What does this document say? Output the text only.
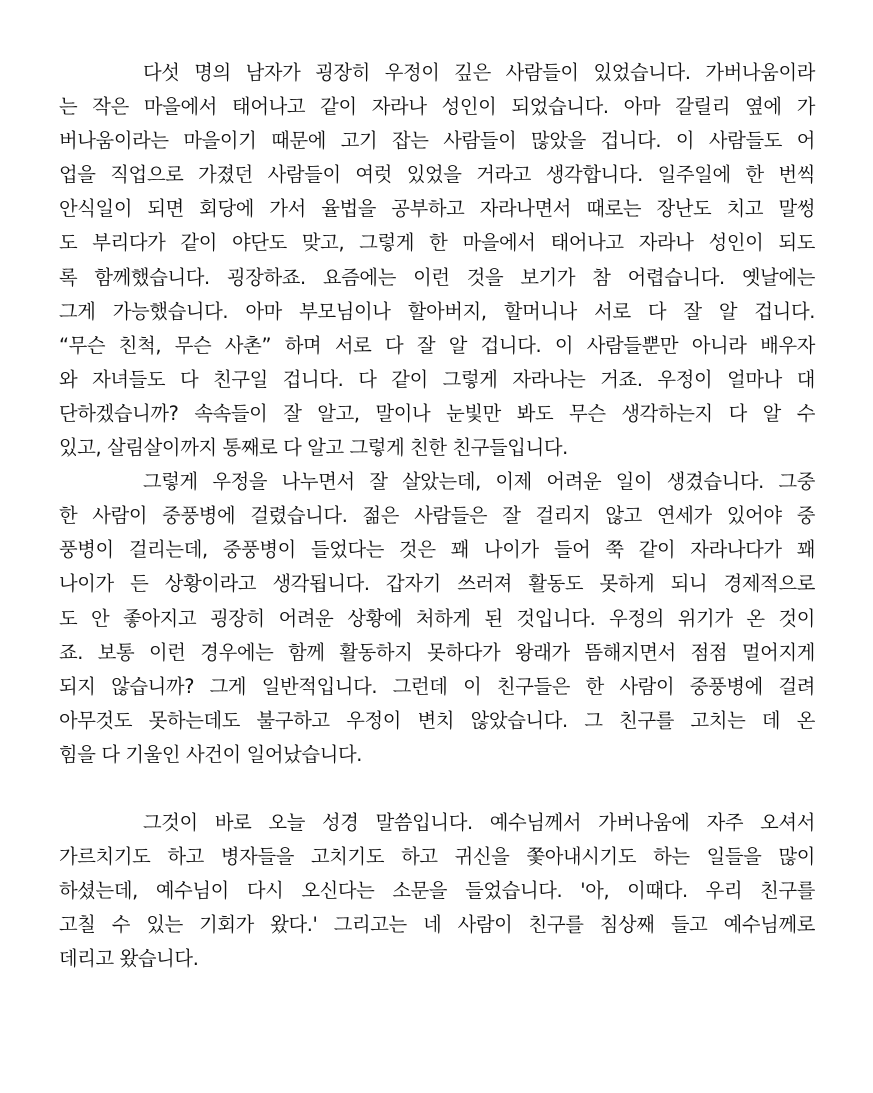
다섯 명의 남자가 굉장히 우정이 깊은 사람들이 있었습니다. 가버나움이라
는 작은 마을에서 태어나고 같이 자라나 성인이 되었습니다. 아마 갈릴리 옆에 가
버나움이라는 마을이기 때문에 고기 잡는 사람들이 많았을 겁니다. 이 사람들도 어
업을 직업으로 가졌던 사람들이 여럿 있었을 거라고 생각합니다. 일주일에 한 번씩
안식일이 되면 회당에 가서 율법을 공부하고 자라나면서 때로는 장난도 치고 말썽
도 부리다가 같이 야단도 맞고, 그렇게 한 마을에서 태어나고 자라나 성인이 되도
록 함께했습니다. 굉장하죠. 요즘에는 이런 것을 보기가 참 어렵습니다. 옛날에는
그게 가능했습니다. 아마 부모님이나 할아버지, 할머니나 서로 다 잘 알 겁니다.
“무슨 친척, 무슨 사촌” 하며 서로 다 잘 알 겁니다. 이 사람들뿐만 아니라 배우자
와 자녀들도 다 친구일 겁니다. 다 같이 그렇게 자라나는 거죠. 우정이 얼마나 대
단하겠습니까? 속속들이 잘 알고, 말이나 눈빛만 봐도 무슨 생각하는지 다 알 수
있고, 살림살이까지 통째로 다 알고 그렇게 친한 친구들입니다.
그렇게 우정을 나누면서 잘 살았는데, 이제 어려운 일이 생겼습니다. 그중
한 사람이 중풍병에 걸렸습니다. 젊은 사람들은 잘 걸리지 않고 연세가 있어야 중
풍병이 걸리는데, 중풍병이 들었다는 것은 꽤 나이가 들어 쭉 같이 자라나다가 꽤
나이가 든 상황이라고 생각됩니다. 갑자기 쓰러져 활동도 못하게 되니 경제적으로
도 안 좋아지고 굉장히 어려운 상황에 처하게 된 것입니다. 우정의 위기가 온 것이
죠. 보통 이런 경우에는 함께 활동하지 못하다가 왕래가 뜸해지면서 점점 멀어지게
되지 않습니까? 그게 일반적입니다. 그런데 이 친구들은 한 사람이 중풍병에 걸려
아무것도 못하는데도 불구하고 우정이 변치 않았습니다. 그 친구를 고치는 데 온
힘을 다 기울인 사건이 일어났습니다.
그것이 바로 오늘 성경 말씀입니다. 예수님께서 가버나움에 자주 오셔서
가르치기도 하고 병자들을 고치기도 하고 귀신을 쫓아내시기도 하는 일들을 많이
하셨는데, 예수님이 다시 오신다는 소문을 들었습니다. '아, 이때다. 우리 친구를
고칠 수 있는 기회가 왔다.' 그리고는 네 사람이 친구를 침상째 들고 예수님께로
데리고 왔습니다.
